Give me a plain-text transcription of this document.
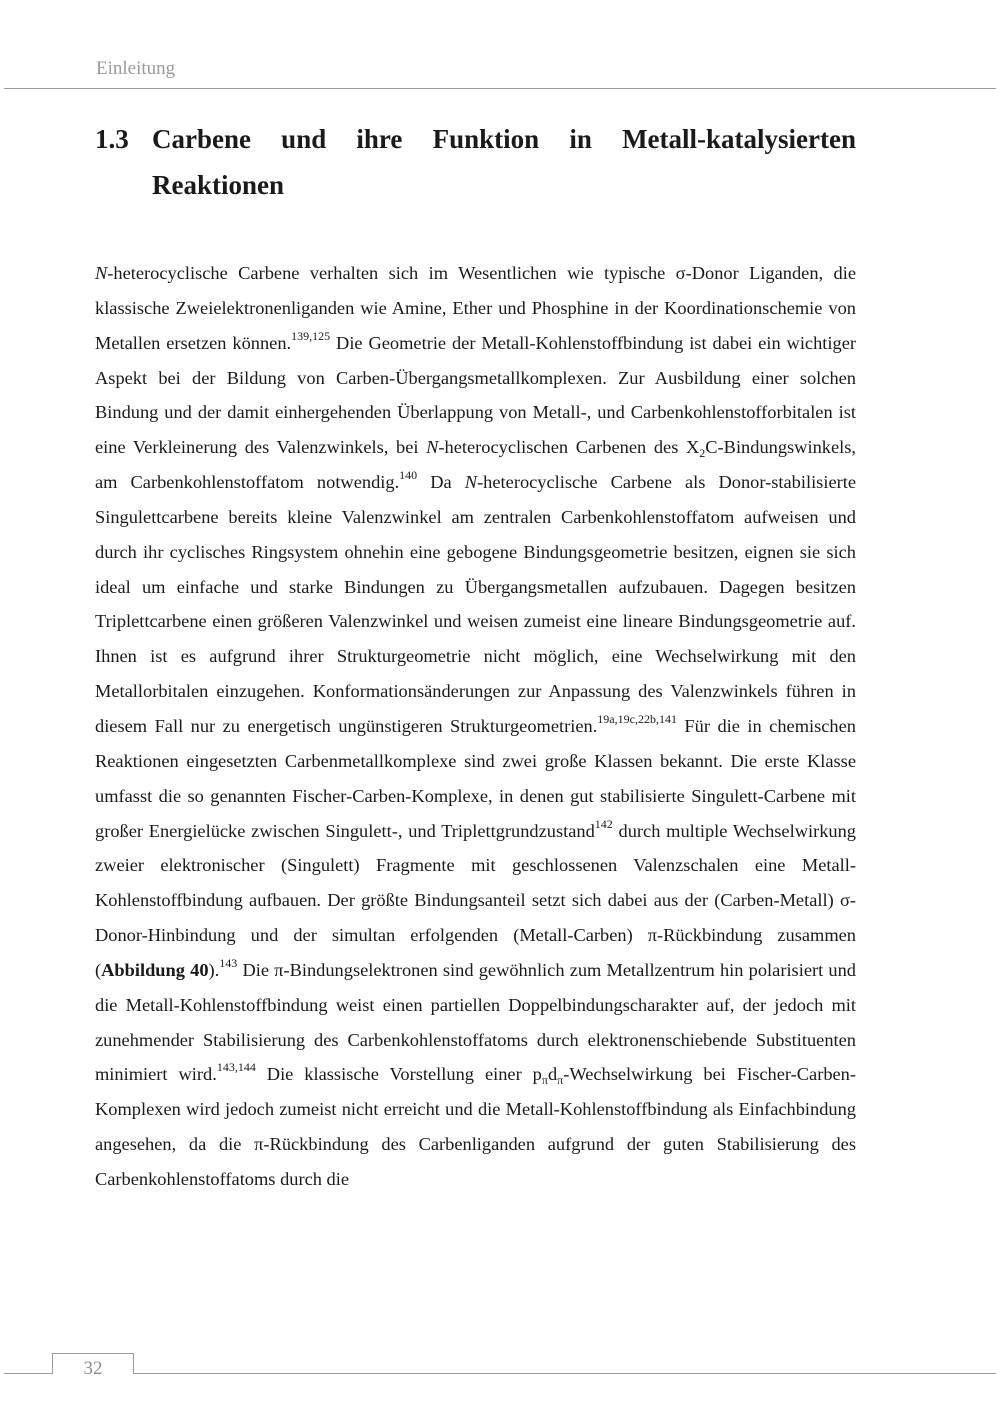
Einleitung
1.3 Carbene und ihre Funktion in Metall-katalysierten Reaktionen

N-heterocyclische Carbene verhalten sich im Wesentlichen wie typische σ-Donor Liganden, die klassische Zweielektronenliganden wie Amine, Ether und Phosphine in der Koordinationschemie von Metallen ersetzen können.$^{139,125}$ Die Geometrie der Metall-Kohlenstoffbindung ist dabei ein wichtiger Aspekt bei der Bildung von Carben-Übergangsmetallkomplexen. Zur Ausbildung einer solchen Bindung und der damit einhergehenden Überlappung von Metall-, und Carbenkohlenstofforbitalen ist eine Verkleinerung des Valenzwinkels, bei N-heterocyclischen Carbenen des $X_2C$-Bindungswinkels, am Carbenkohlenstoffatom notwendig.$^{140}$ Da N-heterocyclische Carbene als Donor-stabilisierte Singulettcarbene bereits kleine Valenzwinkel am zentralen Carbenkohlenstoffatom aufweisen und durch ihr cyclisches Ringsystem ohnehin eine gebogene Bindungsgeometrie besitzen, eignen sie sich ideal um einfache und starke Bindungen zu Übergangsmetallen aufzubauen. Dagegen besitzen Triplettcarbene einen größeren Valenzwinkel und weisen zumeist eine lineare Bindungsgeometrie auf. Ihnen ist es aufgrund ihrer Strukturgeometrie nicht möglich, eine Wechselwirkung mit den Metallorbitalen einzugehen. Konformationsänderungen zur Anpassung des Valenzwinkels führen in diesem Fall nur zu energetisch ungünstigeren Strukturgeometrien.$^{19a,19c,22b,141}$ Für die in chemischen Reaktionen eingesetzten Carbenmetallkomplexe sind zwei große Klassen bekannt. Die erste Klasse umfasst die so genannten Fischer-Carben-Komplexe, in denen gut stabilisierte Singulett-Carbene mit großer Energielücke zwischen Singulett-, und Triplettgrundzustand$^{142}$ durch multiple Wechselwirkung zweier elektronischer (Singulett) Fragmente mit geschlossenen Valenzschalen eine Metall-Kohlenstoffbindung aufbauen. Der größte Bindungsanteil setzt sich dabei aus der (Carben-Metall) σ-Donor-Hinbindung und der simultan erfolgenden (Metall-Carben) π-Rückbindung zusammen (Abbildung 40).$^{143}$ Die π-Bindungselektronen sind gewöhnlich zum Metallzentrum hin polarisiert und die Metall-Kohlenstoffbindung weist einen partiellen Doppelbindungscharakter auf, der jedoch mit zunehmender Stabilisierung des Carbenkohlenstoffatoms durch elektronenschiebende Substituenten minimiert wird.$^{143,144}$ Die klassische Vorstellung einer $p_\pi d_\pi$-Wechselwirkung bei Fischer-Carben-Komplexen wird jedoch zumeist nicht erreicht und die Metall-Kohlenstoffbindung als Einfachbindung angesehen, da die π-Rückbindung des Carbenliganden aufgrund der guten Stabilisierung des Carbenkohlenstoffatoms durch die

32
